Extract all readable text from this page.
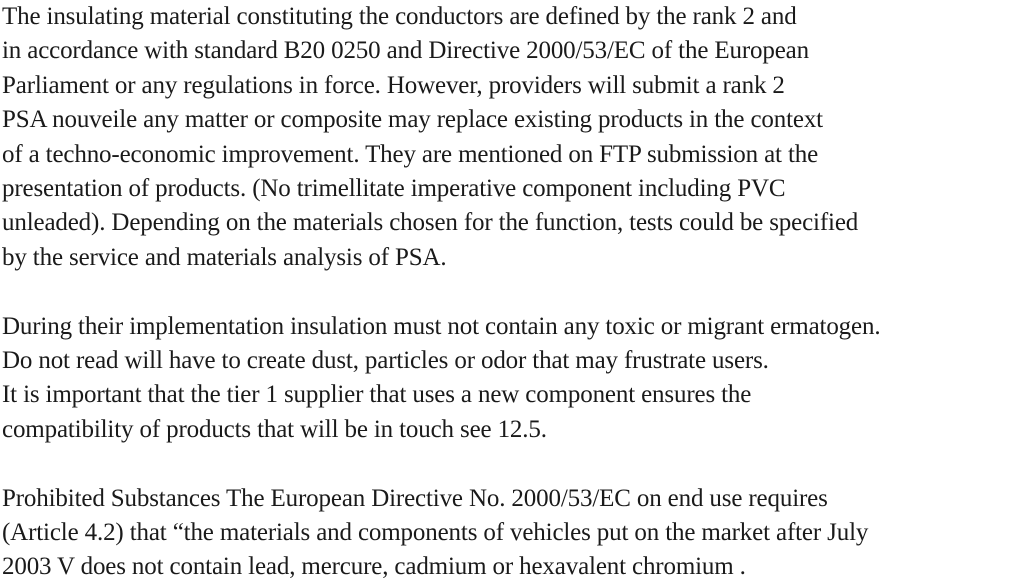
The insulating material constituting the conductors are defined by the rank 2 and
in accordance with standard B20 0250 and Directive 2000/53/EC of the European
Parliament or any regulations in force. However, providers will submit a rank 2
PSA nouveile any matter or composite may replace existing products in the context
of a techno-economic improvement. They are mentioned on FTP submission at the
presentation of products. (No trimellitate imperative component including PVC
unleaded). Depending on the materials chosen for the function, tests could be specified
by the service and materials analysis of PSA.

During their implementation insulation must not contain any toxic or migrant ermatogen.
Do not read will have to create dust, particles or odor that may frustrate users.
It is important that the tier 1 supplier that uses a new component ensures the
compatibility of products that will be in touch see 12.5.

Prohibited Substances The European Directive No. 2000/53/EC on end use requires
(Article 4.2) that “the materials and components of vehicles put on the market after July
2003 V does not contain lead, mercure, cadmium or hexavalent chromium .
